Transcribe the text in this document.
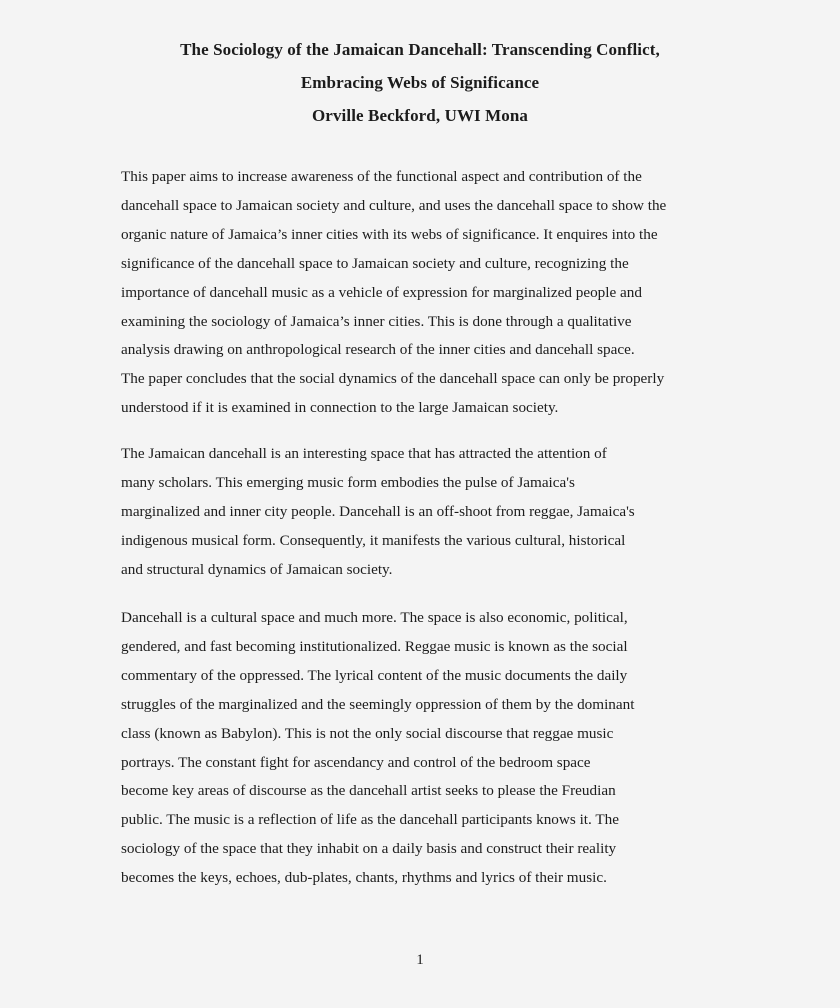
The Sociology of the Jamaican Dancehall: Transcending Conflict,
Embracing Webs of Significance
Orville Beckford, UWI Mona
This paper aims to increase awareness of the functional aspect and contribution of the
dancehall space to Jamaican society and culture, and uses the dancehall space to show the
organic nature of Jamaica’s inner cities with its webs of significance. It enquires into the
significance of the dancehall space to Jamaican society and culture, recognizing the
importance of dancehall music as a vehicle of expression for marginalized people and
examining the sociology of Jamaica’s inner cities. This is done through a qualitative
analysis drawing on anthropological research of the inner cities and dancehall space.
The paper concludes that the social dynamics of the dancehall space can only be properly
understood if it is examined in connection to the large Jamaican society.
The Jamaican dancehall is an interesting space that has attracted the attention of
many scholars. This emerging music form embodies the pulse of Jamaica's
marginalized and inner city people. Dancehall is an off-shoot from reggae, Jamaica's
indigenous musical form. Consequently, it manifests the various cultural, historical
and structural dynamics of Jamaican society.
Dancehall is a cultural space and much more. The space is also economic, political,
gendered, and fast becoming institutionalized. Reggae music is known as the social
commentary of the oppressed. The lyrical content of the music documents the daily
struggles of the marginalized and the seemingly oppression of them by the dominant
class (known as Babylon). This is not the only social discourse that reggae music
portrays. The constant fight for ascendancy and control of the bedroom space
become key areas of discourse as the dancehall artist seeks to please the Freudian
public. The music is a reflection of life as the dancehall participants knows it. The
sociology of the space that they inhabit on a daily basis and construct their reality
becomes the keys, echoes, dub-plates, chants, rhythms and lyrics of their music.
1
